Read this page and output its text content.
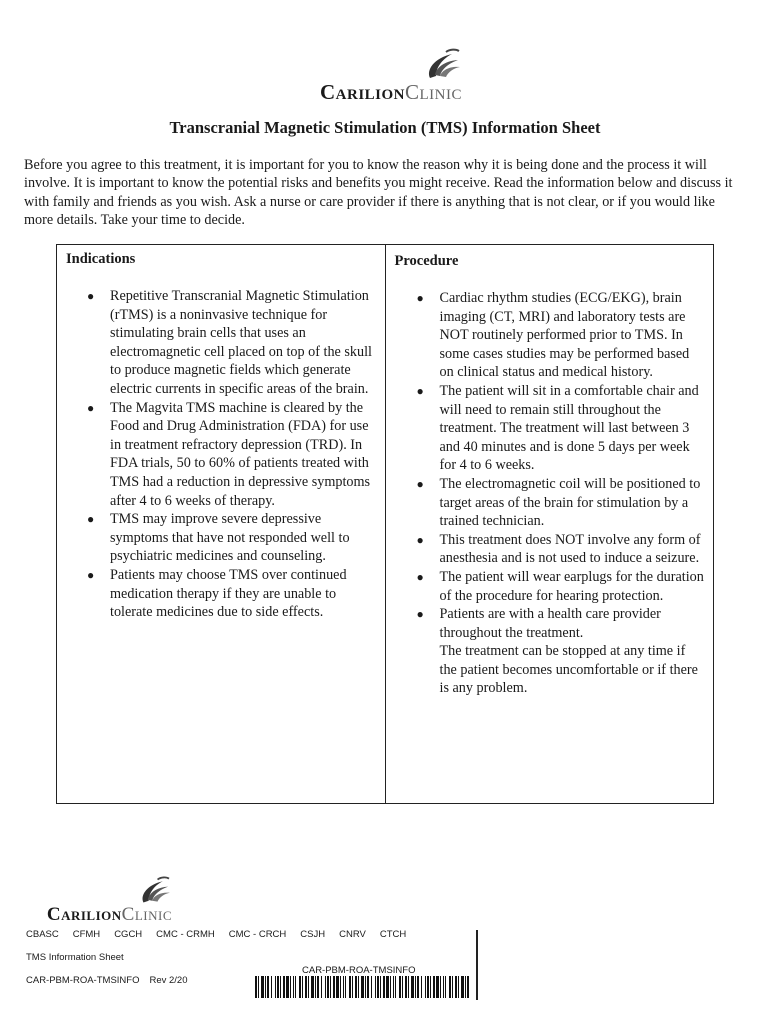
CarilionClinic
Transcranial Magnetic Stimulation (TMS) Information Sheet
Before you agree to this treatment, it is important for you to know the reason why it is being done and the process it will involve. It is important to know the potential risks and benefits you might receive. Read the information below and discuss it with family and friends as you wish. Ask a nurse or care provider if there is anything that is not clear, or if you would like more details. Take your time to decide.
Indications
● Repetitive Transcranial Magnetic Stimulation (rTMS) is a noninvasive technique for stimulating brain cells that uses an electromagnetic cell placed on top of the skull to produce magnetic fields which generate electric currents in specific areas of the brain.
● The Magvita TMS machine is cleared by the Food and Drug Administration (FDA) for use in treatment refractory depression (TRD). In FDA trials, 50 to 60% of patients treated with TMS had a reduction in depressive symptoms after 4 to 6 weeks of therapy.
● TMS may improve severe depressive symptoms that have not responded well to psychiatric medicines and counseling.
● Patients may choose TMS over continued medication therapy if they are unable to tolerate medicines due to side effects.
Procedure
● Cardiac rhythm studies (ECG/EKG), brain imaging (CT, MRI) and laboratory tests are NOT routinely performed prior to TMS. In some cases studies may be performed based on clinical status and medical history.
● The patient will sit in a comfortable chair and will need to remain still throughout the treatment. The treatment will last between 3 and 40 minutes and is done 5 days per week for 4 to 6 weeks.
● The electromagnetic coil will be positioned to target areas of the brain for stimulation by a trained technician.
● This treatment does NOT involve any form of anesthesia and is not used to induce a seizure.
● The patient will wear earplugs for the duration of the procedure for hearing protection.
● Patients are with a health care provider throughout the treatment.
The treatment can be stopped at any time if the patient becomes uncomfortable or if there is any problem.
CarilionClinic
CBASC CFMH CGCH CMC - CRMH CMC - CRCH CSJH CNRV CTCH
TMS Information Sheet
CAR-PBM-ROA-TMSINFO Rev 2/20
CAR-PBM-ROA-TMSINFO
